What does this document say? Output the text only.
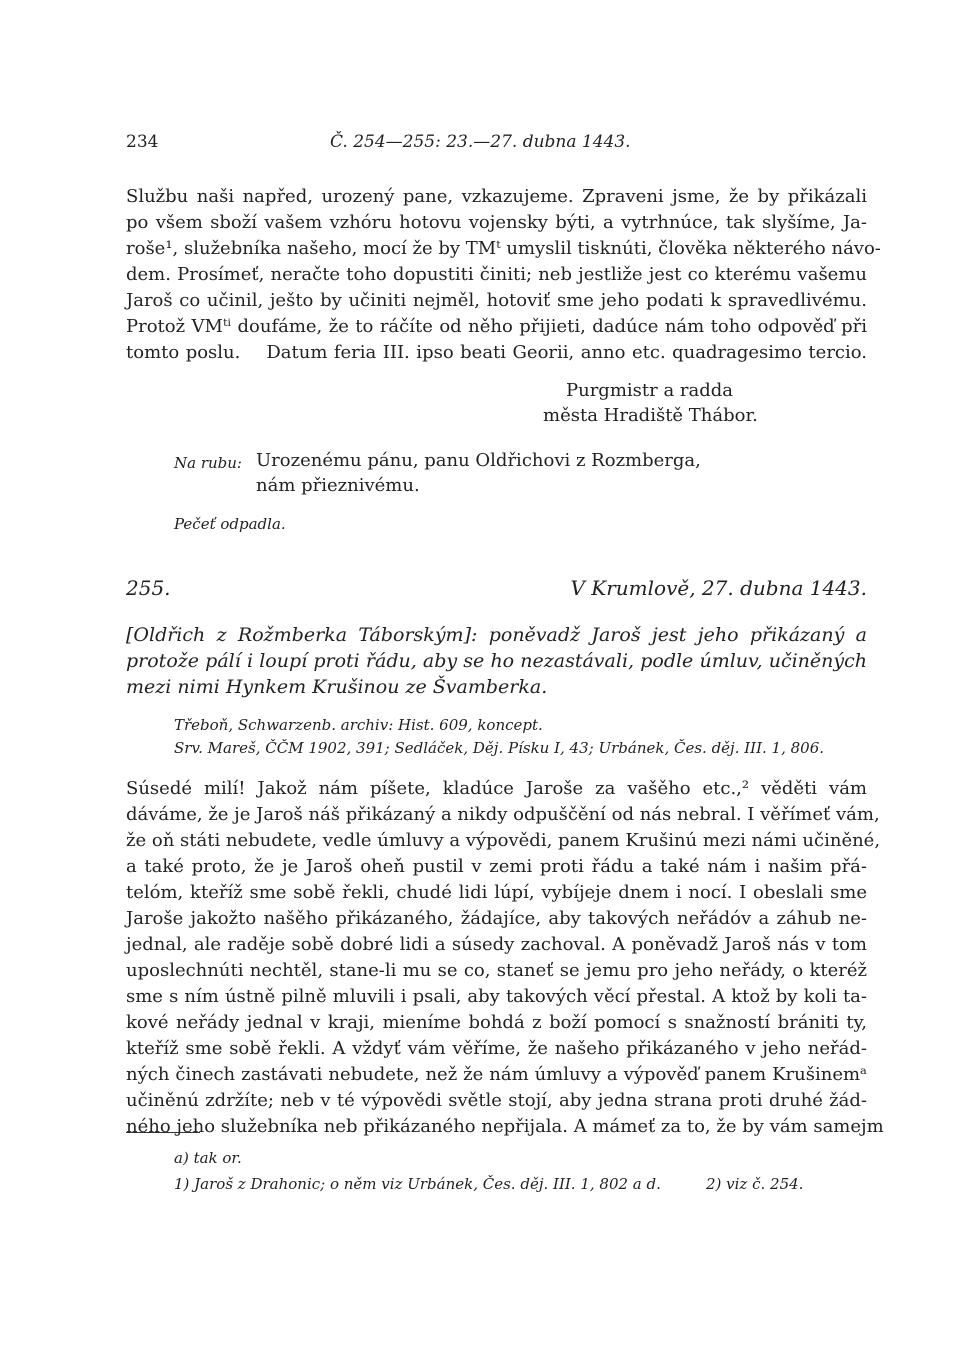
234	Č. 254—255: 23.—27. dubna 1443.
Službu naši napřed, urozený pane, vzkazujeme. Zpraveni jsme, že by přikázali
po všem sboží vašem vzhóru hotovu vojensky býti, a vytrhnúce, tak slyšíme, Ja-
roše¹, služebníka našeho, mocí že by TMᵗ umyslil tisknúti, člověka některého návo-
dem. Prosímeť, neračte toho dopustiti činiti; neb jestliže jest co kterému vašemu
Jaroš co učinil, ješto by učiniti nejměl, hotoviť sme jeho podati k spravedlivému.
Protož VMᵗⁱ doufáme, že to ráčíte od něho přijieti, dadúce nám toho odpověď při
tomto poslu.    Datum feria III. ipso beati Georii, anno etc. quadragesimo tercio.
Purgmistr a radda
města Hradiště Thábor.
Na rubu: Urozenému pánu, panu Oldřichovi z Rozmberga,
nám přieznivému.
Pečeť odpadla.
255.	V Krumlově, 27. dubna 1443.
[Oldřich z Rožmberka Táborským]: poněvadž Jaroš jest jeho přikázaný a
protože pálí i loupí proti řádu, aby se ho nezastávali, podle úmluv, učiněných
mezi nimi Hynkem Krušinou ze Švamberka.
Třeboň, Schwarzenb. archiv: Hist. 609, koncept.
Srv. Mareš, ČČM 1902, 391; Sedláček, Děj. Písku I, 43; Urbánek, Čes. děj. III. 1, 806.
Súsedé milí! Jakož nám píšete, kladúce Jaroše za vašěho etc.,² věděti vám
dáváme, že je Jaroš náš přikázaný a nikdy odpuščění od nás nebral. I věřímeť vám,
že oň státi nebudete, vedle úmluvy a výpovědi, panem Krušinú mezi námi učiněné,
a také proto, že je Jaroš oheň pustil v zemi proti řádu a také nám i našim přá-
telóm, kteříž sme sobě řekli, chudé lidi lúpí, vybíjeje dnem i nocí. I obeslali sme
Jaroše jakožto našěho přikázaného, žádajíce, aby takových neřádóv a záhub ne-
jednal, ale raděje sobě dobré lidi a súsedy zachoval. A poněvadž Jaroš nás v tom
uposlechnúti nechtěl, stane-li mu se co, staneť se jemu pro jeho neřády, o kteréž
sme s ním ústně pilně mluvili i psali, aby takových věcí přestal. A ktož by koli ta-
kové neřády jednal v kraji, mieníme bohdá z boží pomocí s snažností brániti ty,
kteříž sme sobě řekli. A vždyť vám věříme, že našeho přikázaného v jeho neřád-
ných činech zastávati nebudete, než že nám úmluvy a výpověď panem Krušinemᵃ
učiněnú zdržíte; neb v té výpovědi světle stojí, aby jedna strana proti druhé žád-
ného jeho služebníka neb přikázaného nepřijala. A mámeť za to, že by vám samejm
a) tak or.
1) Jaroš z Drahonic; o něm viz Urbánek, Čes. děj. III. 1, 802 a d.	2) viz č. 254.
